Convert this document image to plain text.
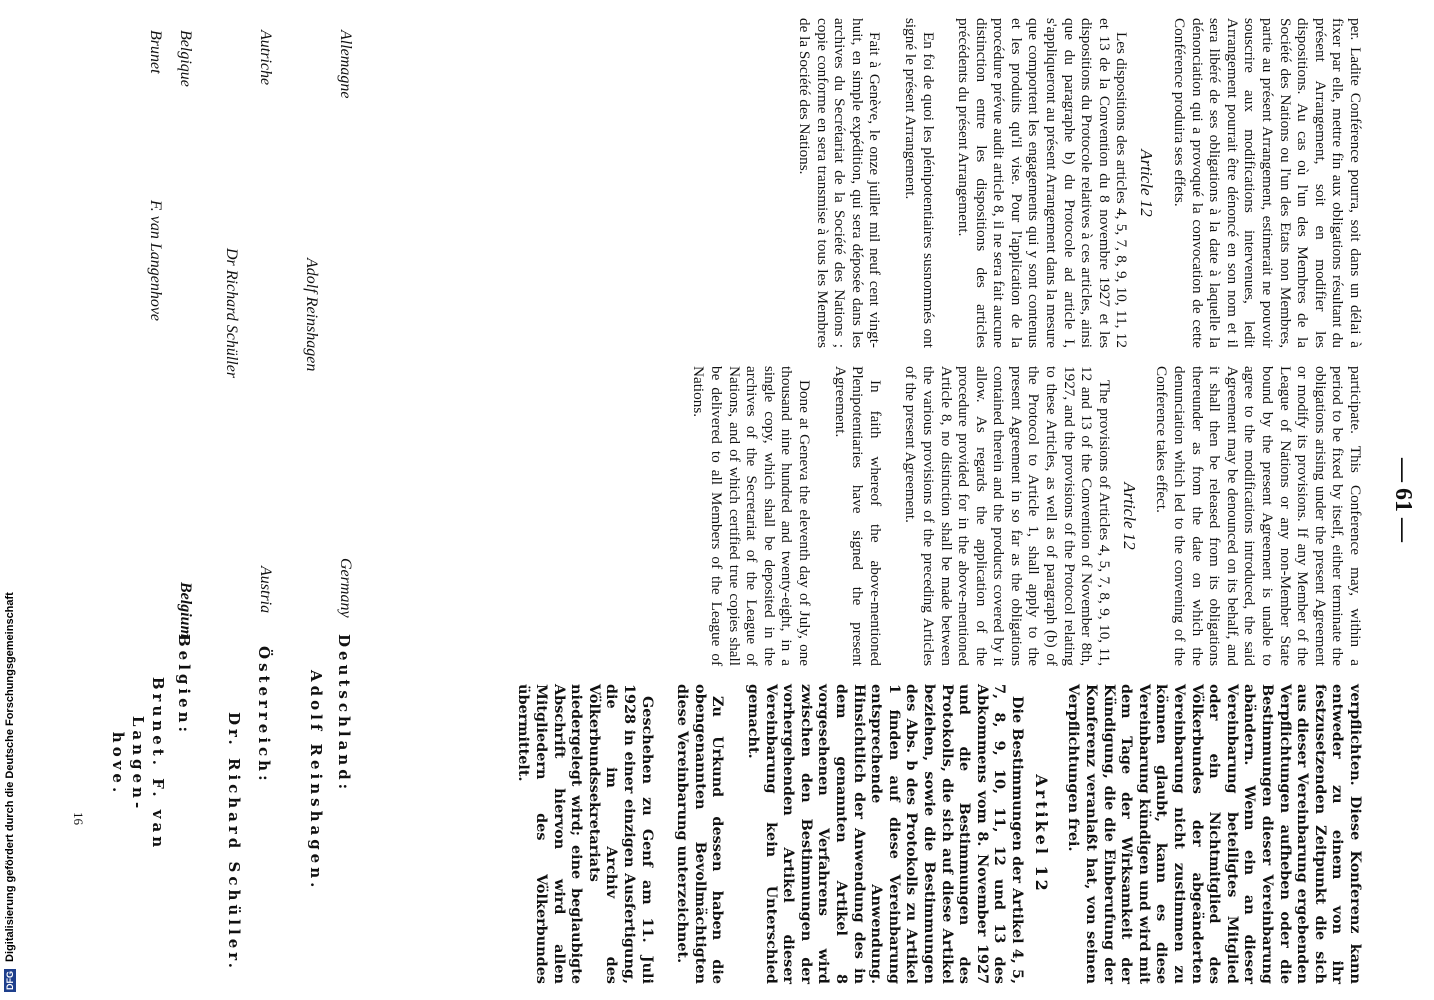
— 61 —

per. Ladite Conférence pourra, soit dans un délai à fixer par elle, mettre fin aux obligations résultant du présent Arrangement, soit en modifier les dispositions. Au cas où l'un des Membres de la Société des Nations ou l'un des Etats non Membres, partie au présent Arrangement, estimerait ne pouvoir souscrire aux modifications intervenues, ledit Arrangement pourrait être dénoncé en son nom et il sera libéré de ses obligations à la date à laquelle la dénonciation qui a provoqué la convocation de cette Conférence produira ses effets.

Article 12

Les dispositions des articles 4, 5, 7, 8, 9, 10, 11, 12 et 13 de la Convention du 8 novembre 1927 et les dispositions du Protocole relatives à ces articles, ainsi que du paragraphe b) du Protocole ad article I, s'appliqueront au présent Arrangement dans la mesure que comportent les engagements qui y sont contenus et les produits qu'il vise. Pour l'application de la procédure prévue audit article 8, il ne sera fait aucune distinction entre les dispositions des articles précédents du présent Arrangement.

En foi de quoi les plénipotentiaires susnommés ont signé le présent Arrangement.

Fait à Genève, le onze juillet mil neuf cent vingt-huit, en simple expédition, qui sera déposée dans les archives du Secrétariat de la Société des Nations ; copie conforme en sera transmise à tous les Membres de la Société des Nations.

participate. This Conference may, within a period to be fixed by itself, either terminate the obligations arising under the present Agreement or modify its provisions. If any Member of the League of Nations or any non-Member State bound by the present Agreement is unable to agree to the modifications introduced, the said Agreement may be denounced on its behalf, and it shall then be released from its obligations thereunder as from the date on which the denunciation which led to the convening of the Conference takes effect.

Article 12

The provisions of Articles 4, 5, 7, 8, 9, 10, 11, 12 and 13 of the Convention of November 8th, 1927, and the provisions of the Protocol relating to these Articles, as well as of paragraph (b) of the Protocol to Article 1, shall apply to the present Agreement in so far as the obligations contained therein and the products covered by it allow. As regards the application of the procedure provided for in the above-mentioned Article 8, no distinction shall be made between the various provisions of the preceding Articles of the present Agreement.

In faith whereof the above-mentioned Plenipotentiaries have signed the present Agreement.

Done at Geneva the eleventh day of July, one thousand nine hundred and twenty-eight, in a single copy, which shall be deposited in the archives of the Secretariat of the League of Nations, and of which certified true copies shall be delivered to all Members of the League of Nations.

verpflichten. Diese Konferenz kann entweder zu einem von ihr festzusetzenden Zeitpunkt die sich aus dieser Vereinbarung ergebenden Verpflichtungen aufheben oder die Bestimmungen dieser Vereinbarung abändern. Wenn ein an dieser Vereinbarung beteiligtes Mitglied oder ein Nichtmitglied des Völkerbundes der abgeänderten Vereinbarung nicht zustimmen zu können glaubt, kann es diese Vereinbarung kündigen und wird mit dem Tage der Wirksamkeit der Kündigung, die die Einberufung der Konferenz veranlaßt hat, von seinen Verpflichtungen frei.

Artikel 12

Die Bestimmungen der Artikel 4, 5, 7, 8, 9, 10, 11, 12 und 13 des Abkommens vom 8. November 1927 und die Bestimmungen des Protokolls, die sich auf diese Artikel beziehen, sowie die Bestimmungen des Abs. b des Protokolls zu Artikel 1 finden auf diese Vereinbarung entsprechende Anwendung. Hinsichtlich der Anwendung des in dem genannten Artikel 8 vorgesehenen Verfahrens wird zwischen den Bestimmungen der vorhergehenden Artikel dieser Vereinbarung kein Unterschied gemacht.

Zu Urkund dessen haben die obengenannten Bevollmächtigten diese Vereinbarung unterzeichnet.

Geschehen zu Genf am 11. Juli 1928 in einer einzigen Ausfertigung, die im Archiv des Völkerbundssekretariats niedergelegt wird; eine beglaubigte Abschrift hiervon wird allen Mitgliedern des Völkerbundes übermittelt.

Allemagne
Germany
Adolf Reinshagen
Autriche
Austria
Dr Richard Schüller
Belgique
Belgium
Brunet
F. van Langenhove
Deutschland:
Adolf Reinshagen.
Österreich:
Dr. Richard Schüller.
Belgien:
Brunet. F. van Langen-
hove.
16
DFG Digitalisierung gefördert durch die Deutsche Forschungsgemeinschaft
